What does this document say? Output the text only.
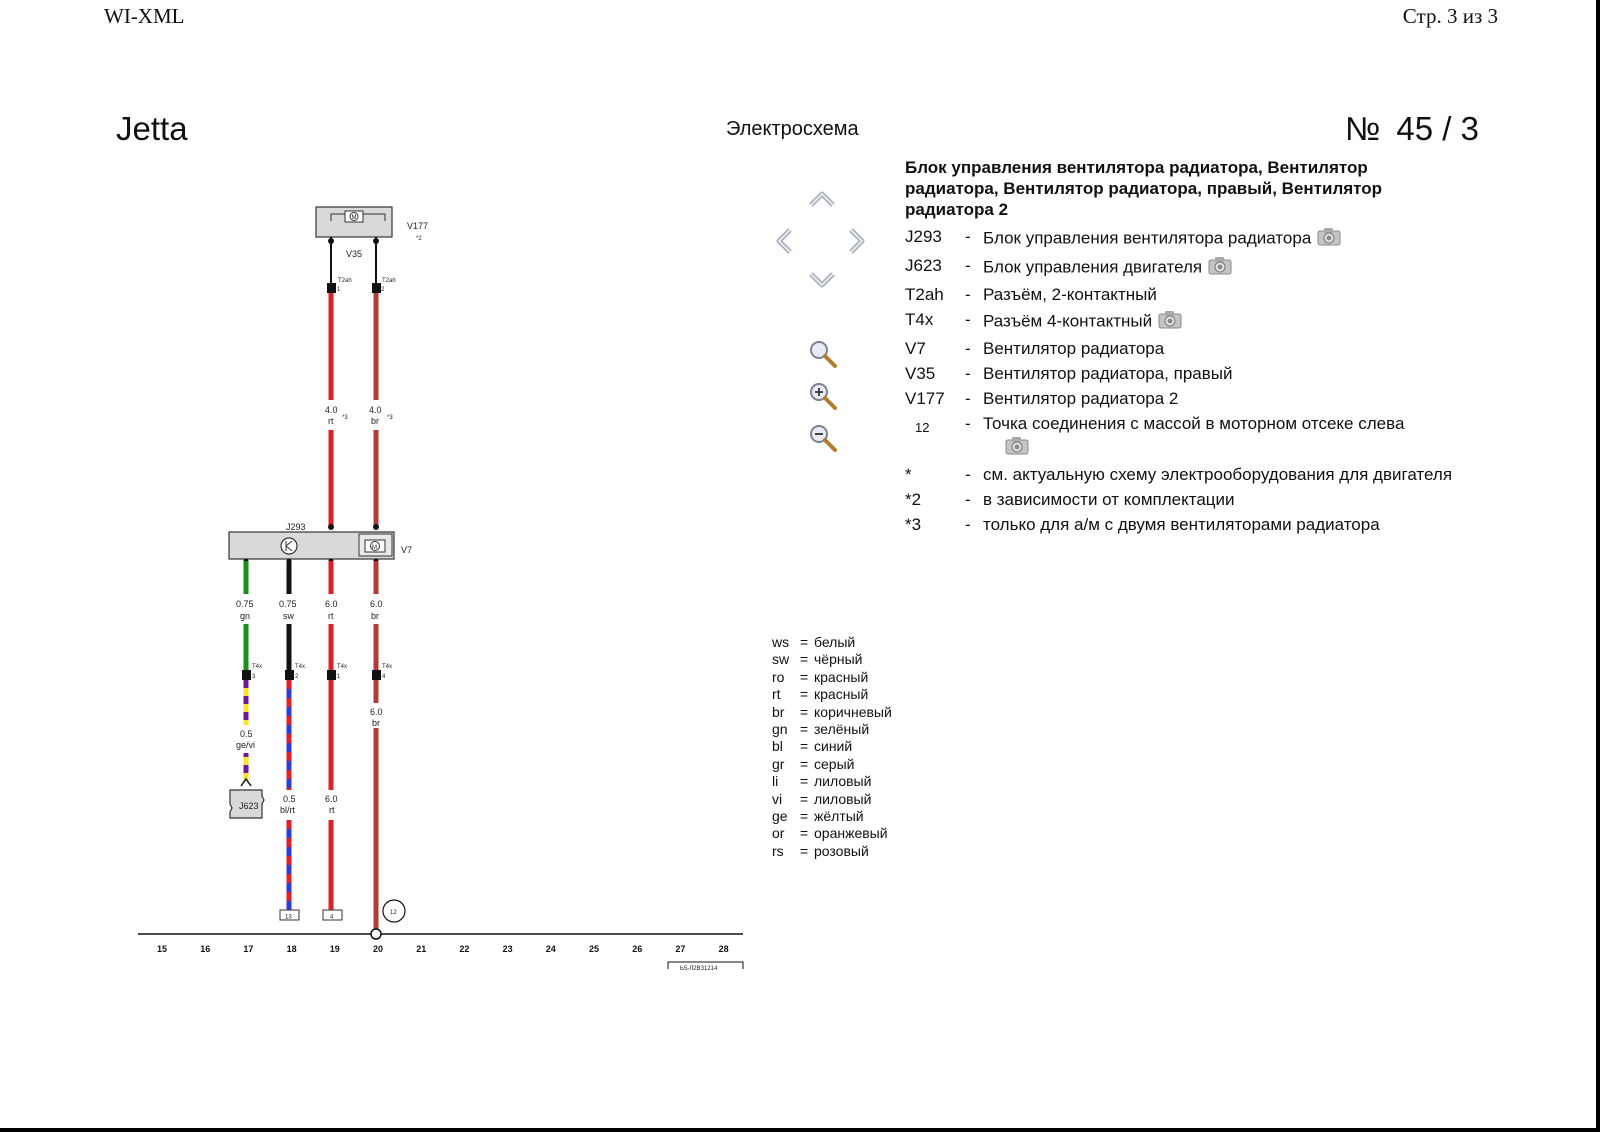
WI-XML	Стр. 3 из 3
Jetta	Электросхема	№ 45 / 3
M
V177
*2
V35
T2ah
1
T2ah
2
4.0
rt *3
4.0
br *3
J293
M	V7
0.75
gn
0.75
sw
6.0
rt
6.0
br
T4x
3
T4x
2
T4x
1
T4x
4
0.5
ge/vi
J623
0.5
bl/rt
6.0
rt
6.0
br
13	4
12
15	16	17	18	19	20	21	22	23	24	25	26	27	28
Ь5-Л2ВЗ1214
Блок управления вентилятора радиатора, Вентилятор радиатора, Вентилятор радиатора, правый, Вентилятор радиатора 2
J293	- Блок управления вентилятора радиатора
J623	- Блок управления двигателя
T2ah	- Разъём, 2-контактный
T4x	- Разъём 4-контактный
V7	- Вентилятор радиатора
V35	- Вентилятор радиатора, правый
V177	- Вентилятор радиатора 2
12	- Точка соединения с массой в моторном отсеке слева

*	- см. актуальную схему электрооборудования для двигателя
*2	- в зависимости от комплектации
*3	- только для а/м с двумя вентиляторами радиатора
ws = белый
sw = чёрный
ro	= красный
rt	= красный
br	= коричневый
gn = зелёный
bl	= синий
gr	= серый
li	= лиловый
vi	= лиловый
ge = жёлтый
or	= оранжевый
rs	= розовый
